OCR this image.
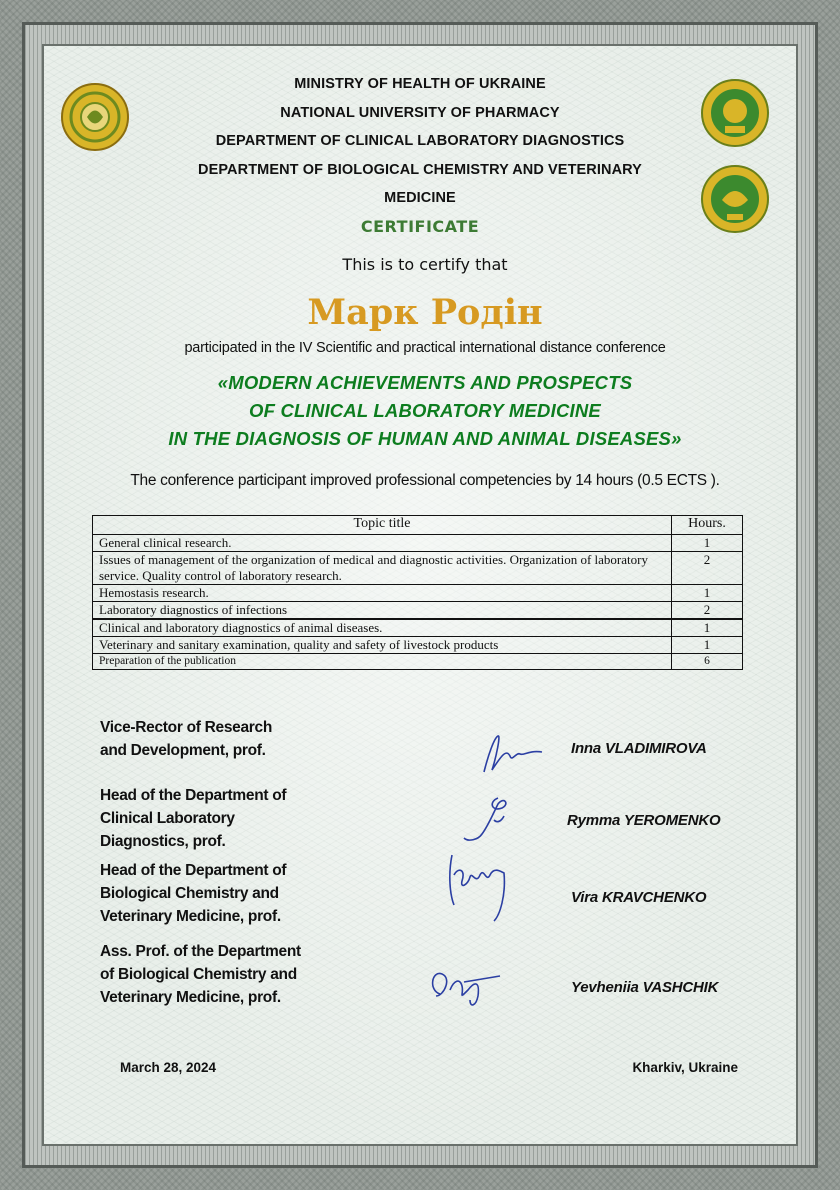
MINISTRY OF HEALTH OF UKRAINE
NATIONAL UNIVERSITY OF PHARMACY
DEPARTMENT OF CLINICAL LABORATORY DIAGNOSTICS
DEPARTMENT OF BIOLOGICAL CHEMISTRY AND VETERINARY MEDICINE
CERTIFICATE
This is to certify that
Марк Родін
participated in the IV Scientific and practical international distance conference
«MODERN ACHIEVEMENTS AND PROSPECTS
OF CLINICAL LABORATORY MEDICINE
IN THE DIAGNOSIS OF HUMAN AND ANIMAL DISEASES»
The conference participant improved professional competencies by 14 hours (0.5 ECTS ).
Topic title	Hours.
General clinical research.	1
Issues of management of the organization of medical and diagnostic activities. Organization of laboratory service. Quality control of laboratory research.	2
Hemostasis research.	1
Laboratory diagnostics of infections	2
Clinical and laboratory diagnostics of animal diseases.	1
Veterinary and sanitary examination, quality and safety of livestock products	1
Preparation of the publication	6
Vice-Rector of Research and Development, prof.	Inna VLADIMIROVA
Head of the Department of Clinical Laboratory Diagnostics, prof.
Rymma YEROMENKO
Head of the Department of Biological Chemistry and Veterinary Medicine, prof.
Vira KRAVCHENKO
Ass. Prof. of the Department of Biological Chemistry and Veterinary Medicine, prof.
Yevheniia VASHCHIK
March 28, 2024	Kharkiv, Ukraine
